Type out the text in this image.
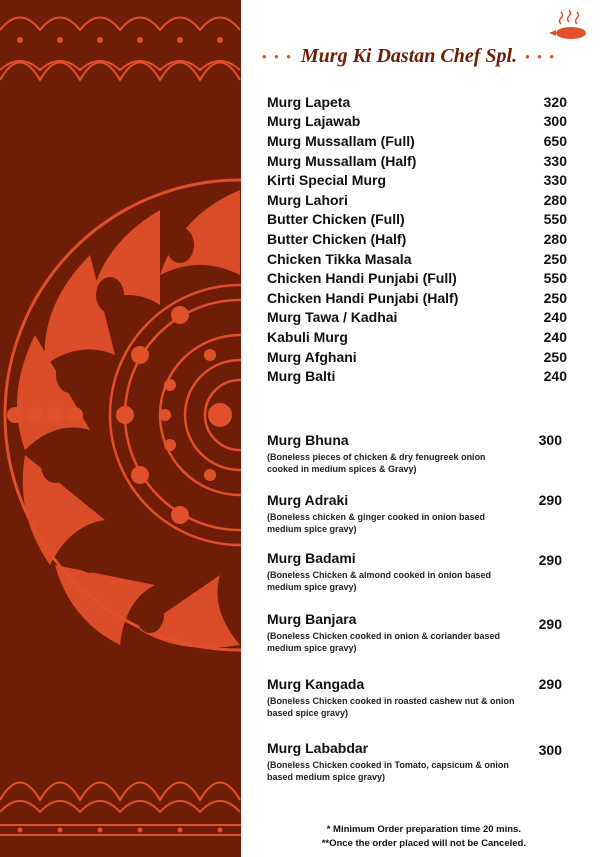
• • • Murg Ki Dastan Chef Spl. • • •
Murg Lapeta	320
Murg Lajawab	300
Murg Mussallam (Full)	650
Murg Mussallam (Half)	330
Kirti Special Murg	330
Murg Lahori	280
Butter Chicken (Full)	550
Butter Chicken (Half)	280
Chicken Tikka Masala	250
Chicken Handi Punjabi (Full)	550
Chicken Handi Punjabi (Half)	250
Murg Tawa / Kadhai	240
Kabuli Murg	240
Murg Afghani	250
Murg Balti	240
Murg Bhuna	300
(Boneless pieces of chicken & dry fenugreek onion cooked in medium spices & Gravy)
Murg Adraki	290
(Boneless chicken & ginger cooked in onion based medium spice gravy)
Murg Badami	290
(Boneless Chicken & almond cooked in onion based medium spice gravy)
Murg Banjara	290
(Boneless Chicken cooked in onion & coriander based medium spice gravy)
Murg Kangada	290
(Boneless Chicken cooked in roasted cashew nut & onion based spice gravy)
Murg Lababdar	300
(Boneless Chicken cooked in Tomato, capsicum & onion based medium spice gravy)
* Minimum Order preparation time 20 mins.
**Once the order placed will not be Canceled.
